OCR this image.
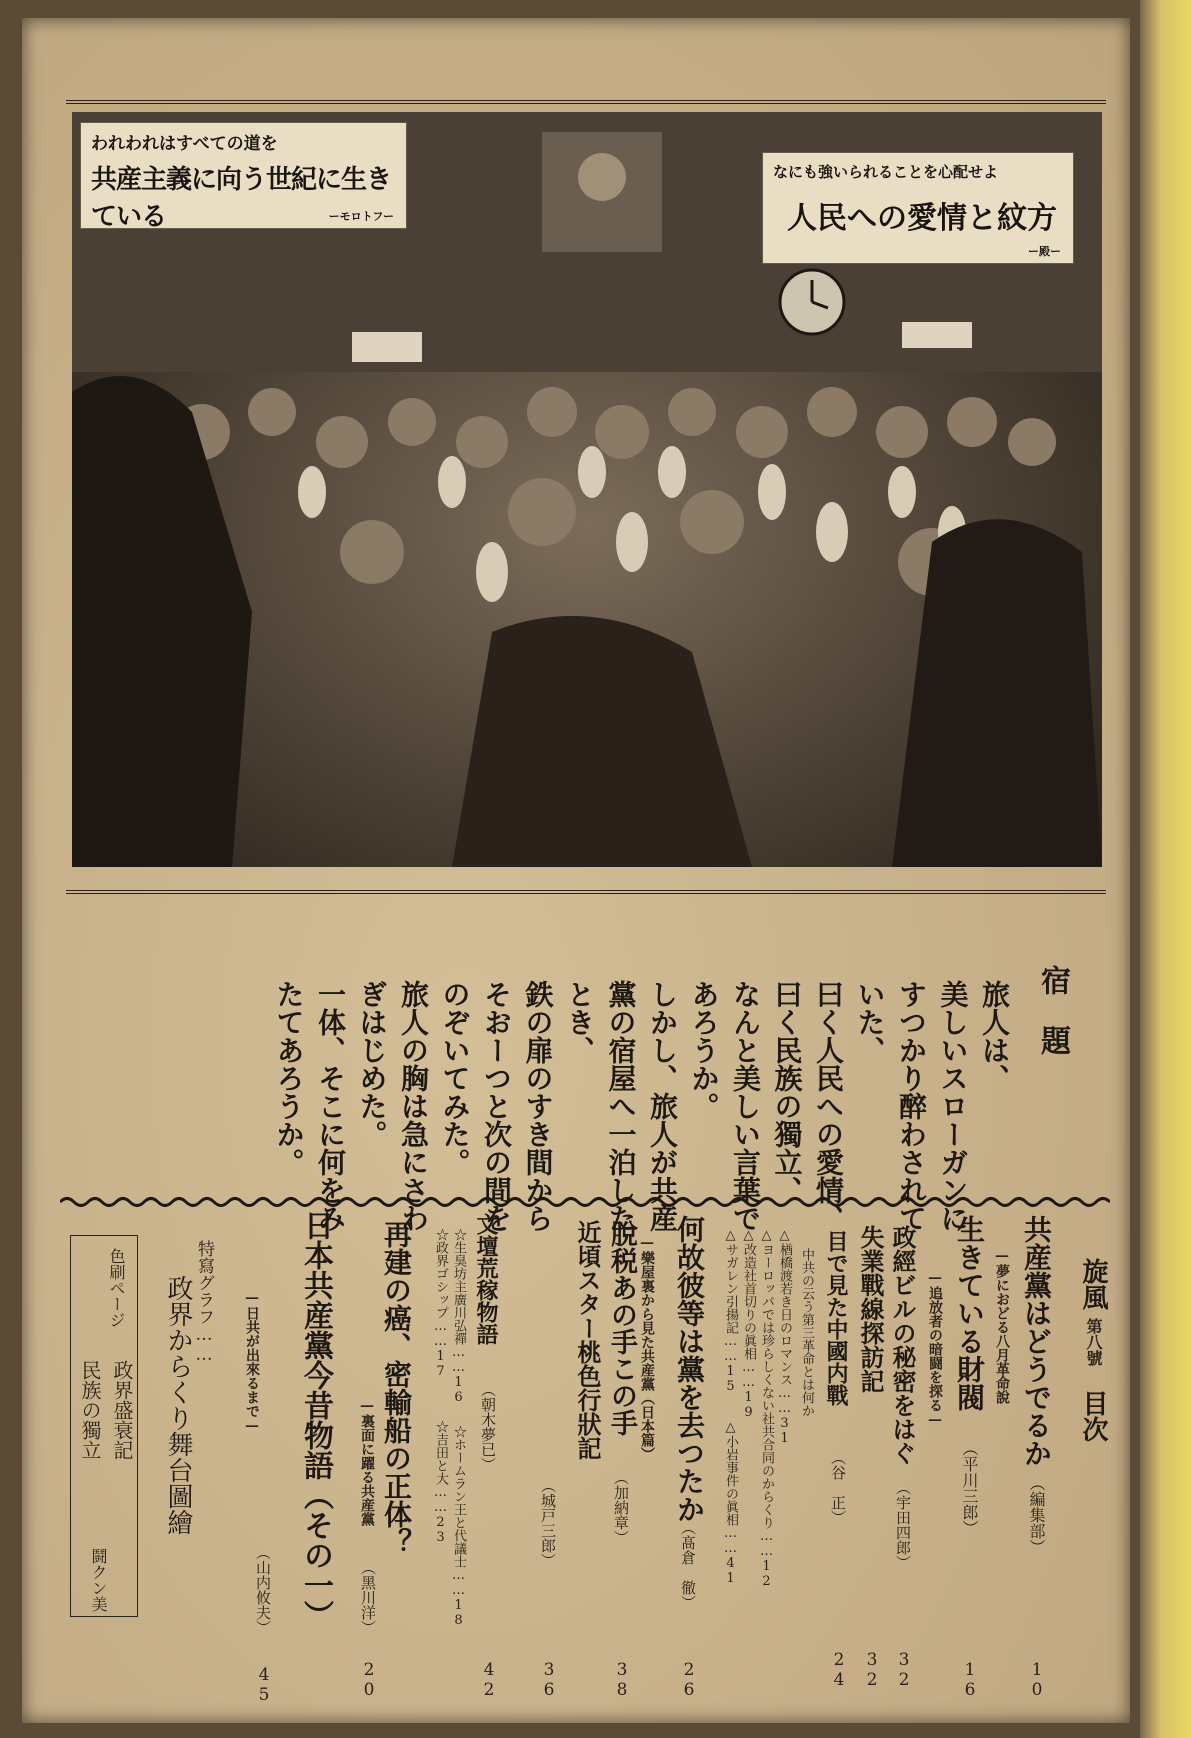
われわれはすべての道を
共産主義に向う世紀に生きている	ーモロトフー
なにも強いられることを心配せよ
人民への愛情と紋方
ー殿ー
宿　題
旅人は、
美しいスローガンに
すつかり醉わされて
いた、
曰く人民への愛情、
曰く民族の獨立、
なんと美しい言葉で
あろうか。
しかし、旅人が共産
黨の宿屋へ一泊した
とき、
鉄の扉のすき間から
そおーつと次の間を
のぞいてみた。
旅人の胸は急にさわ
ぎはじめた。
一体、そこに何をみ
たてあろうか。
旋風
第八號
目次
共産黨はどうでるか
（編集部）
10
—夢におどる八月革命說
生きている財閥
（平川三郎）
16
—追放者の暗闘を探る—
政經ビルの秘密をはぐ
（宇田四郎）
32
失業戰線探訪記
32
目で見た中國内戰
（谷　正）
24
中共の云う第三革命とは何か
△楢橋渡若き日のロマンス……31
△ヨーロッパでは珍らしくない社共合同のからくり……12
△改造社首切りの眞相……19
△サガレン引揚記……15
△小岩事件の眞相……41
何故彼等は黨を去つたか
（髙倉　徹）
26
—樂屋裏から見た共産黨（日本篇）
脫税あの手この手
（加納章）
38
近頃スター桃色行狀記
（城戸三郎）
36
文壇荒稼物語
（朝木夢已）
42
☆生臭坊主廣川弘禪……16
☆ホームラン王と代議士……18
☆政界ゴシップ……17
☆吉田と大……23
再建の癌、密輸船の正体？
—裏面に躍る共産黨
（黑川洋）
20
日本共産黨今昔物語（その一）
—日共が出來るまで—
（山内攸夫）
45
特寫グラフ……
政界からくり舞台圖繪
色刷ページ
政界盛衰記
民族の獨立
鬪クン美
